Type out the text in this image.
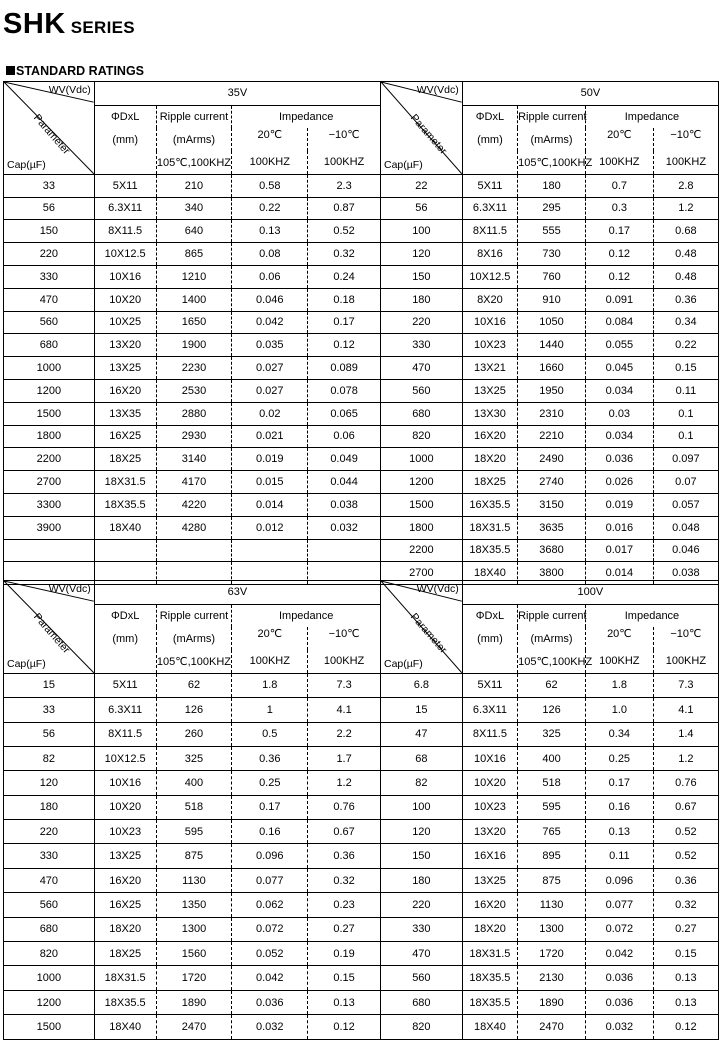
SHK SERIES
STANDARD RATINGS
WV(Vdc)
Parameter
Cap(µF)	35V			
	ΦDxL	Ripple current	Impedance	
	(mm)	(mArms)	20℃	−10℃
		105℃,100KHZ	100KHZ	100KHZ
33	5X11	210	0.58	2.3
56	6.3X11	340	0.22	0.87
150	8X11.5	640	0.13	0.52
220	10X12.5	865	0.08	0.32
330	10X16	1210	0.06	0.24
470	10X20	1400	0.046	0.18
560	10X25	1650	0.042	0.17
680	13X20	1900	0.035	0.12
1000	13X25	2230	0.027	0.089
1200	16X20	2530	0.027	0.078
1500	13X35	2880	0.02	0.065
1800	16X25	2930	0.021	0.06
2200	18X25	3140	0.019	0.049
2700	18X31.5	4170	0.015	0.044
3300	18X35.5	4220	0.014	0.038
3900	18X40	4280	0.012	0.032

WV(Vdc)
Parameter
Cap(µF)	50V			
	ΦDxL	Ripple current	Impedance	
	(mm)	(mArms)	20℃	−10℃
		105℃,100KHZ	100KHZ	100KHZ
22	5X11	180	0.7	2.8
56	6.3X11	295	0.3	1.2
100	8X11.5	555	0.17	0.68
120	8X16	730	0.12	0.48
150	10X12.5	760	0.12	0.48
180	8X20	910	0.091	0.36
220	10X16	1050	0.084	0.34
330	10X23	1440	0.055	0.22
470	13X21	1660	0.045	0.15
560	13X25	1950	0.034	0.11
680	13X30	2310	0.03	0.1
820	16X20	2210	0.034	0.1
1000	18X20	2490	0.036	0.097
1200	18X25	2740	0.026	0.07
1500	16X35.5	3150	0.019	0.057
1800	18X31.5	3635	0.016	0.048
2200	18X35.5	3680	0.017	0.046
2700	18X40	3800	0.014	0.038
WV(Vdc)
Parameter
Cap(µF)	63V			
	ΦDxL	Ripple current	Impedance	
	(mm)	(mArms)	20℃	−10℃
		105℃,100KHZ	100KHZ	100KHZ
15	5X11	62	1.8	7.3
33	6.3X11	126	1	4.1
56	8X11.5	260	0.5	2.2
82	10X12.5	325	0.36	1.7
120	10X16	400	0.25	1.2
180	10X20	518	0.17	0.76
220	10X23	595	0.16	0.67
330	13X25	875	0.096	0.36
470	16X20	1130	0.077	0.32
560	16X25	1350	0.062	0.23
680	18X20	1300	0.072	0.27
820	18X25	1560	0.052	0.19
1000	18X31.5	1720	0.042	0.15
1200	18X35.5	1890	0.036	0.13
1500	18X40	2470	0.032	0.12
WV(Vdc)
Parameter
Cap(µF)	100V			
	ΦDxL	Ripple current	Impedance	
	(mm)	(mArms)	20℃	−10℃
		105℃,100KHZ	100KHZ	100KHZ
6.8	5X11	62	1.8	7.3
15	6.3X11	126	1.0	4.1
47	8X11.5	325	0.34	1.4
68	10X16	400	0.25	1.2
82	10X20	518	0.17	0.76
100	10X23	595	0.16	0.67
120	13X20	765	0.13	0.52
150	16X16	895	0.11	0.52
180	13X25	875	0.096	0.36
220	16X20	1130	0.077	0.32
330	18X20	1300	0.072	0.27
470	18X31.5	1720	0.042	0.15
560	18X35.5	2130	0.036	0.13
680	18X35.5	1890	0.036	0.13
820	18X40	2470	0.032	0.12
